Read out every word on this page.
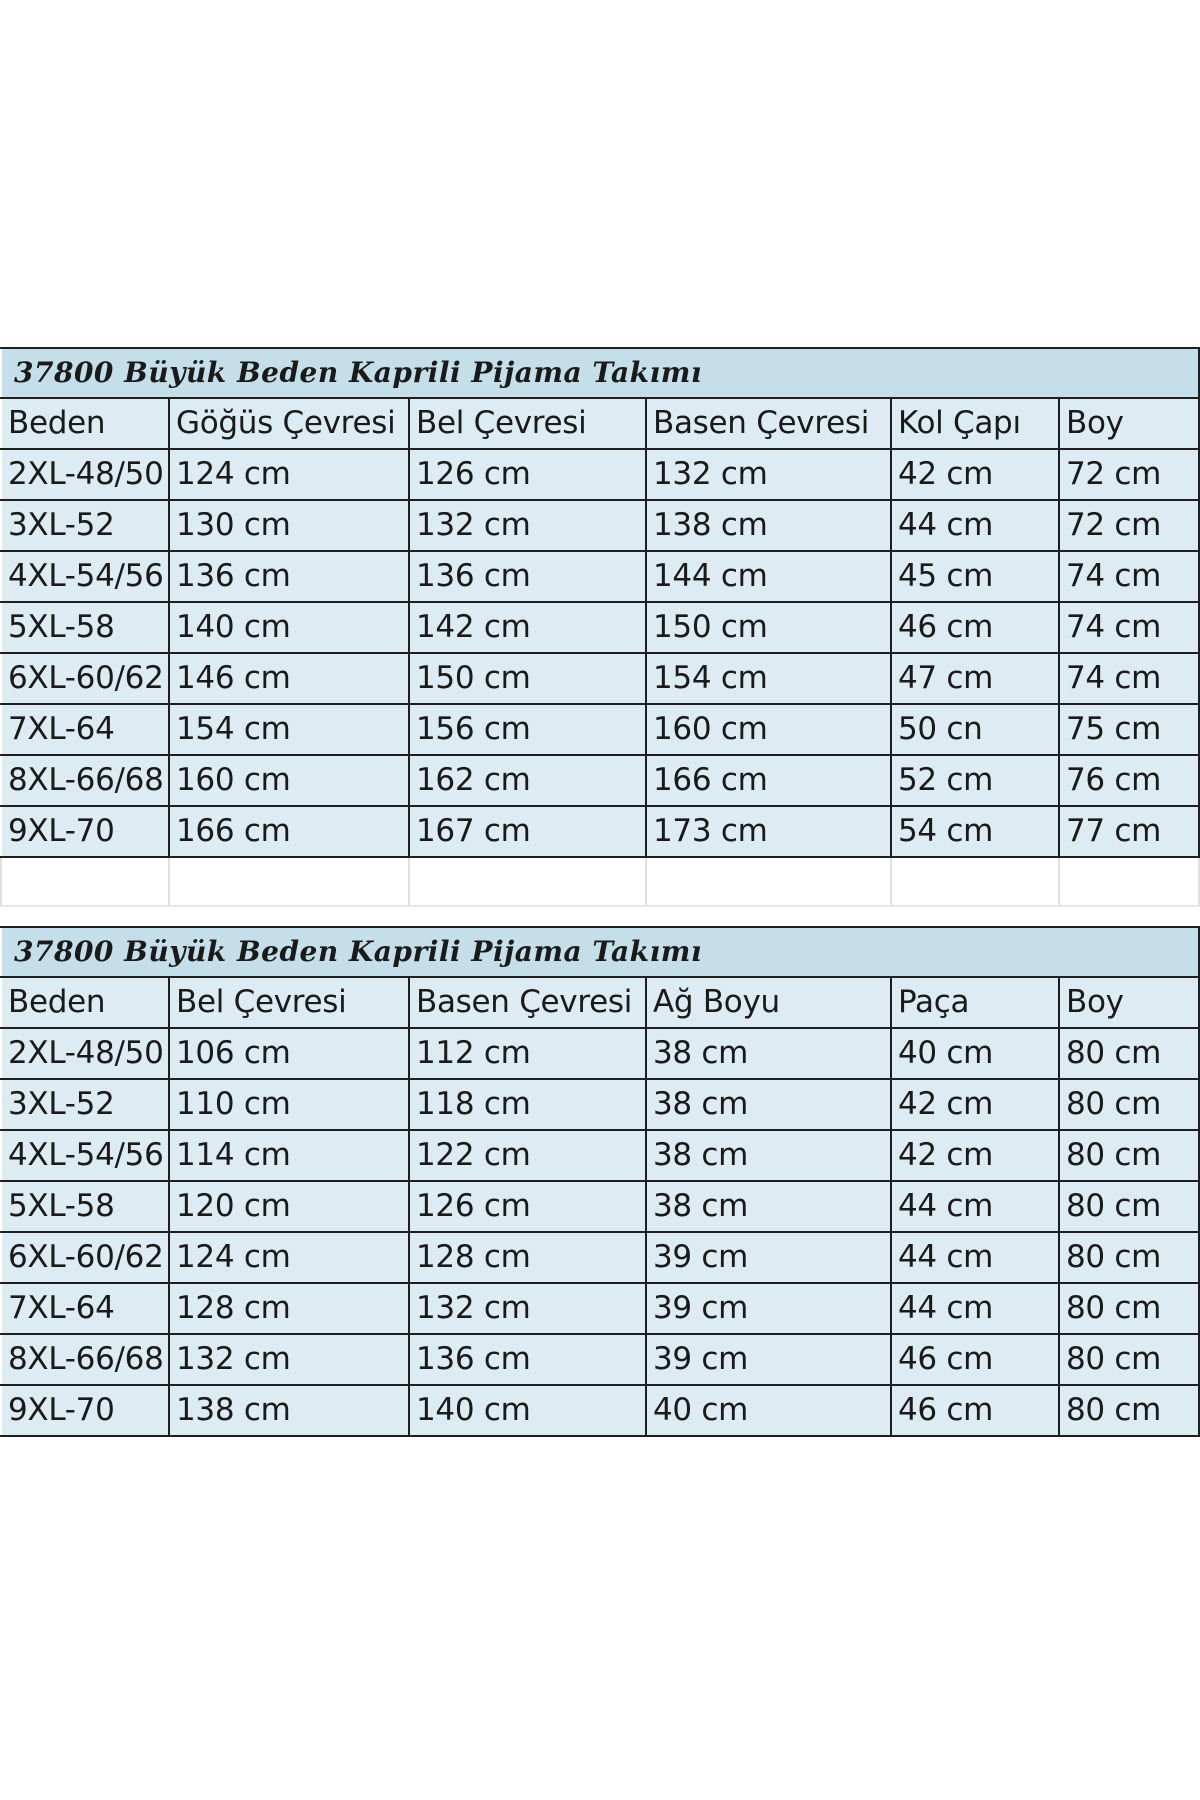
37800 Büyük Beden Kaprili Pijama Takımı					
Beden	Göğüs Çevresi	Bel Çevresi	Basen Çevresi	Kol Çapı	Boy
2XL-48/50	124 cm	126 cm	132 cm	42 cm	72 cm
3XL-52	130 cm	132 cm	138 cm	44 cm	72 cm
4XL-54/56	136 cm	136 cm	144 cm	45 cm	74 cm
5XL-58	140 cm	142 cm	150 cm	46 cm	74 cm
6XL-60/62	146 cm	150 cm	154 cm	47 cm	74 cm
7XL-64	154 cm	156 cm	160 cm	50 cn	75 cm
8XL-66/68	160 cm	162 cm	166 cm	52 cm	76 cm
9XL-70	166 cm	167 cm	173 cm	54 cm	77 cm

37800 Büyük Beden Kaprili Pijama Takımı					
Beden	Bel Çevresi	Basen Çevresi	Ağ Boyu	Paça	Boy
2XL-48/50	106 cm	112 cm	38 cm	40 cm	80 cm
3XL-52	110 cm	118 cm	38 cm	42 cm	80 cm
4XL-54/56	114 cm	122 cm	38 cm	42 cm	80 cm
5XL-58	120 cm	126 cm	38 cm	44 cm	80 cm
6XL-60/62	124 cm	128 cm	39 cm	44 cm	80 cm
7XL-64	128 cm	132 cm	39 cm	44 cm	80 cm
8XL-66/68	132 cm	136 cm	39 cm	46 cm	80 cm
9XL-70	138 cm	140 cm	40 cm	46 cm	80 cm
